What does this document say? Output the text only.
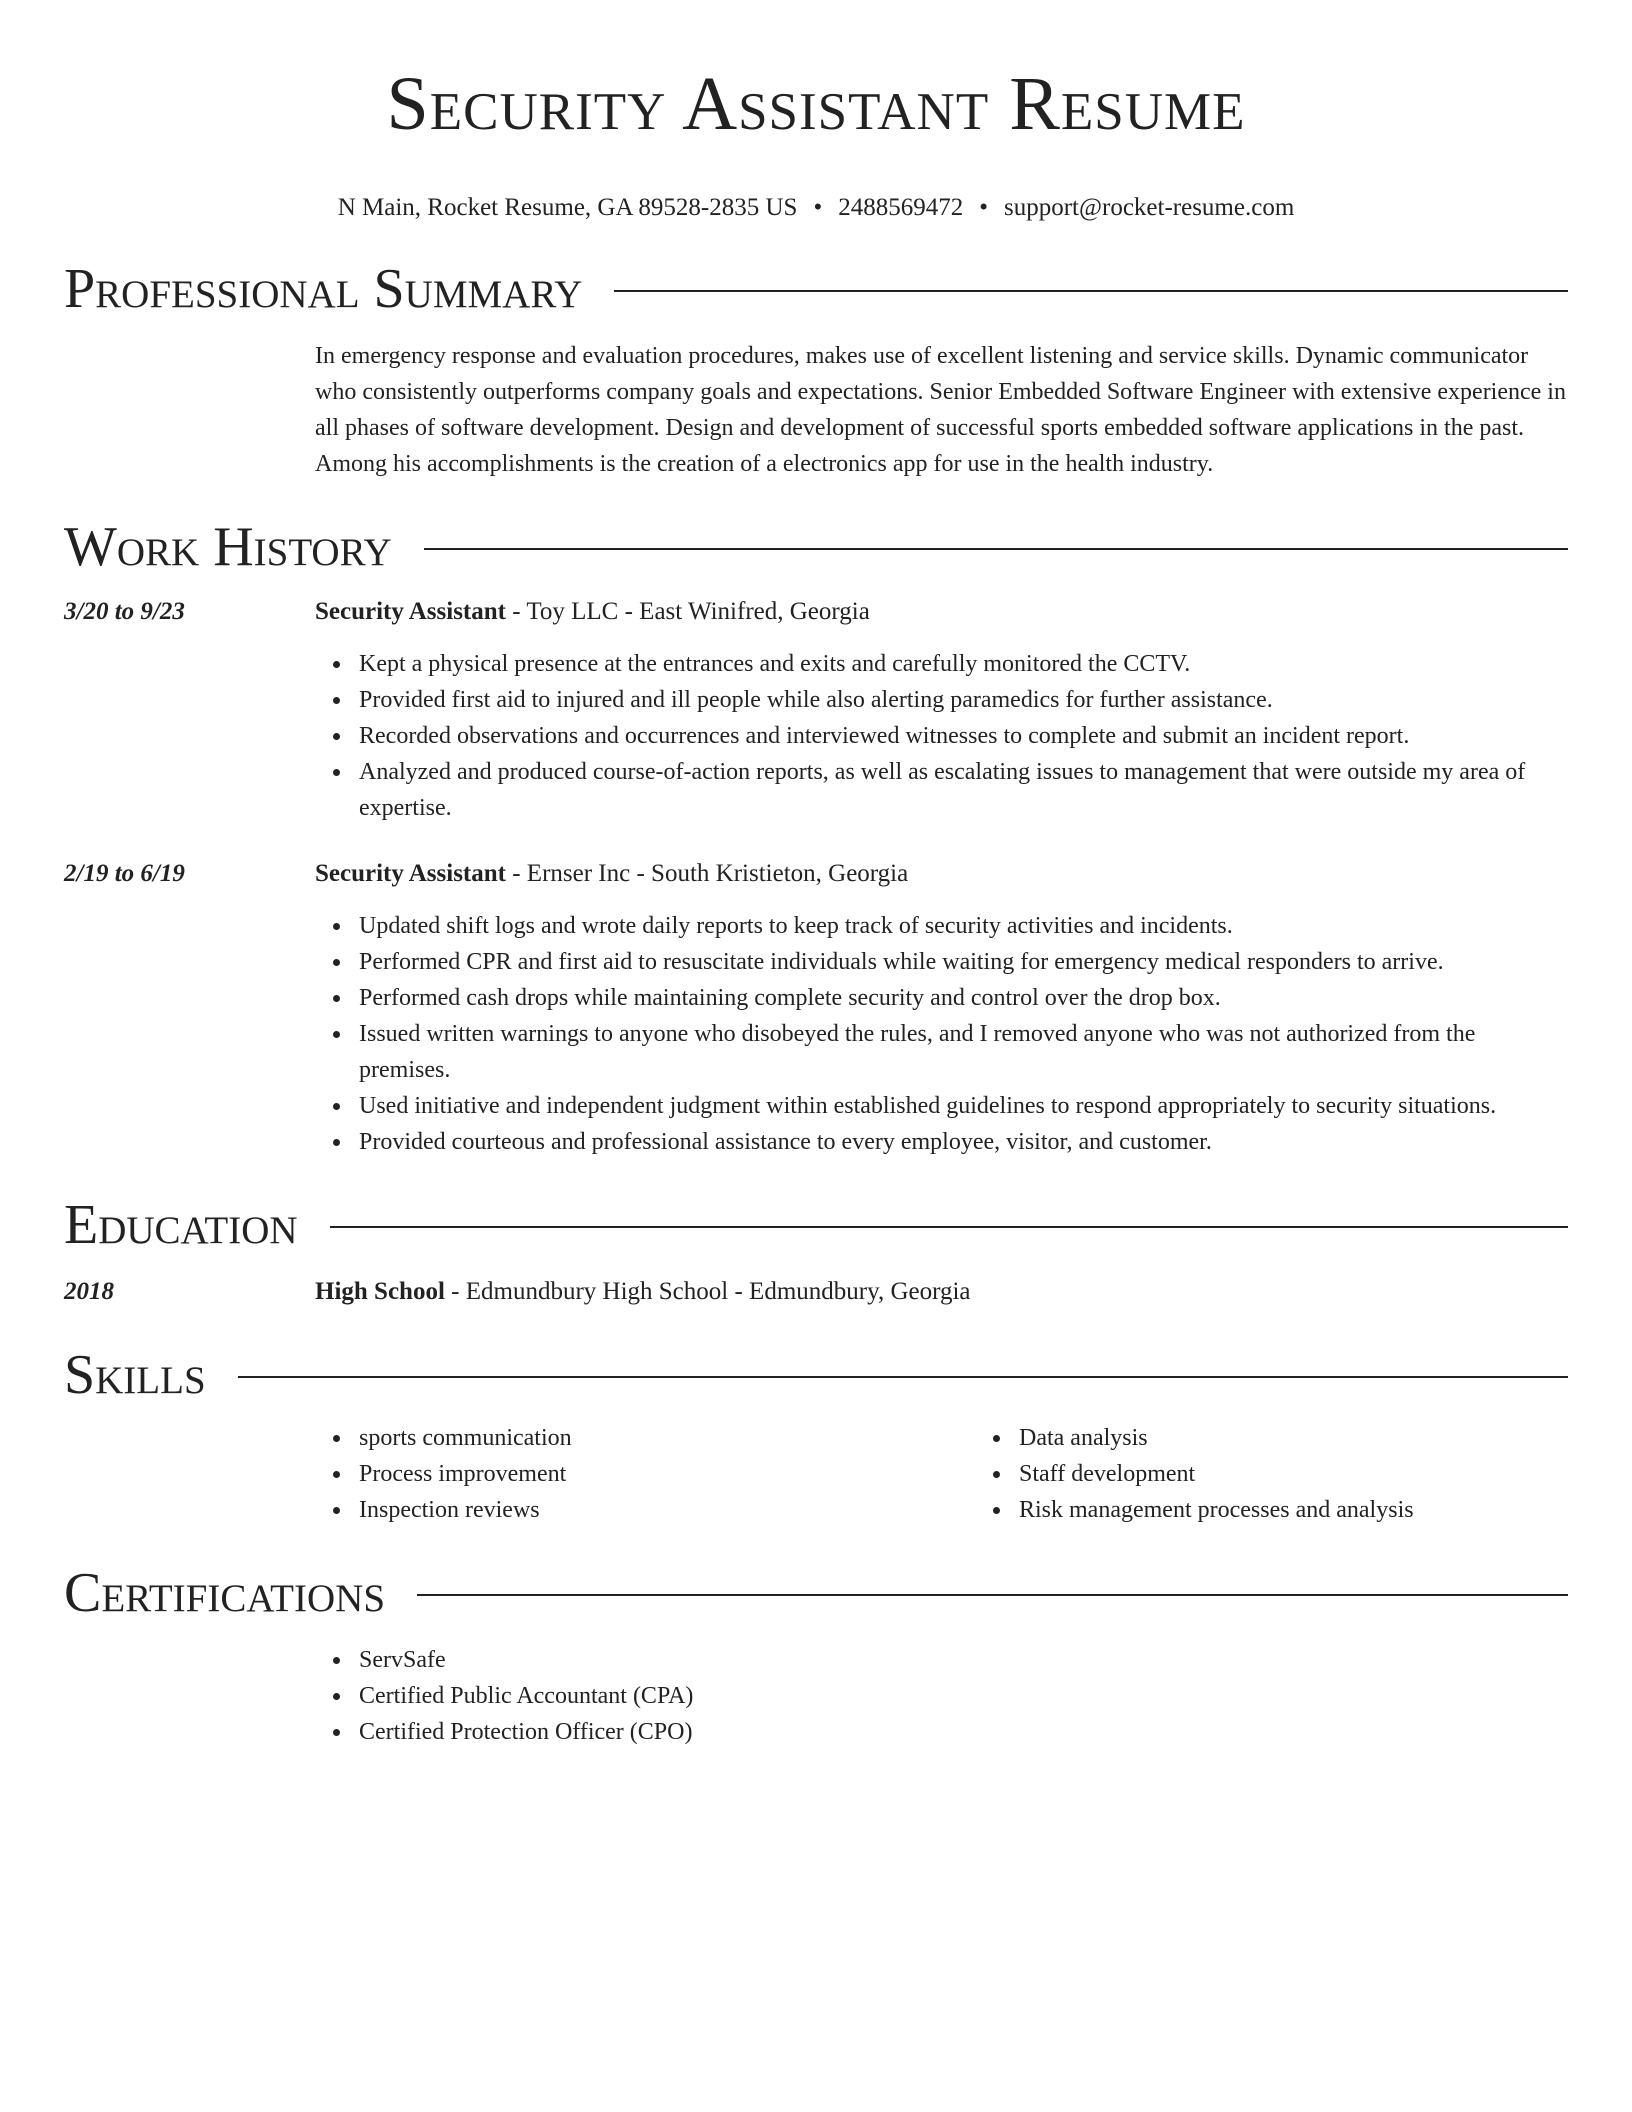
Security Assistant Resume
N Main, Rocket Resume, GA 89528-2835 US • 2488569472 • support@rocket-resume.com
Professional Summary
In emergency response and evaluation procedures, makes use of excellent listening and service skills. Dynamic communicator who consistently outperforms company goals and expectations. Senior Embedded Software Engineer with extensive experience in all phases of software development. Design and development of successful sports embedded software applications in the past. Among his accomplishments is the creation of a electronics app for use in the health industry.
Work History
3/20 to 9/23	Security Assistant - Toy LLC - East Winifred, Georgia
Kept a physical presence at the entrances and exits and carefully monitored the CCTV.
Provided first aid to injured and ill people while also alerting paramedics for further assistance.
Recorded observations and occurrences and interviewed witnesses to complete and submit an incident report.
Analyzed and produced course-of-action reports, as well as escalating issues to management that were outside my area of expertise.
2/19 to 6/19	Security Assistant - Ernser Inc - South Kristieton, Georgia
Updated shift logs and wrote daily reports to keep track of security activities and incidents.
Performed CPR and first aid to resuscitate individuals while waiting for emergency medical responders to arrive.
Performed cash drops while maintaining complete security and control over the drop box.
Issued written warnings to anyone who disobeyed the rules, and I removed anyone who was not authorized from the premises.
Used initiative and independent judgment within established guidelines to respond appropriately to security situations.
Provided courteous and professional assistance to every employee, visitor, and customer.
Education
2018	High School - Edmundbury High School - Edmundbury, Georgia
Skills
sports communication
Process improvement
Inspection reviews
Data analysis
Staff development
Risk management processes and analysis
Certifications
ServSafe
Certified Public Accountant (CPA)
Certified Protection Officer (CPO)
